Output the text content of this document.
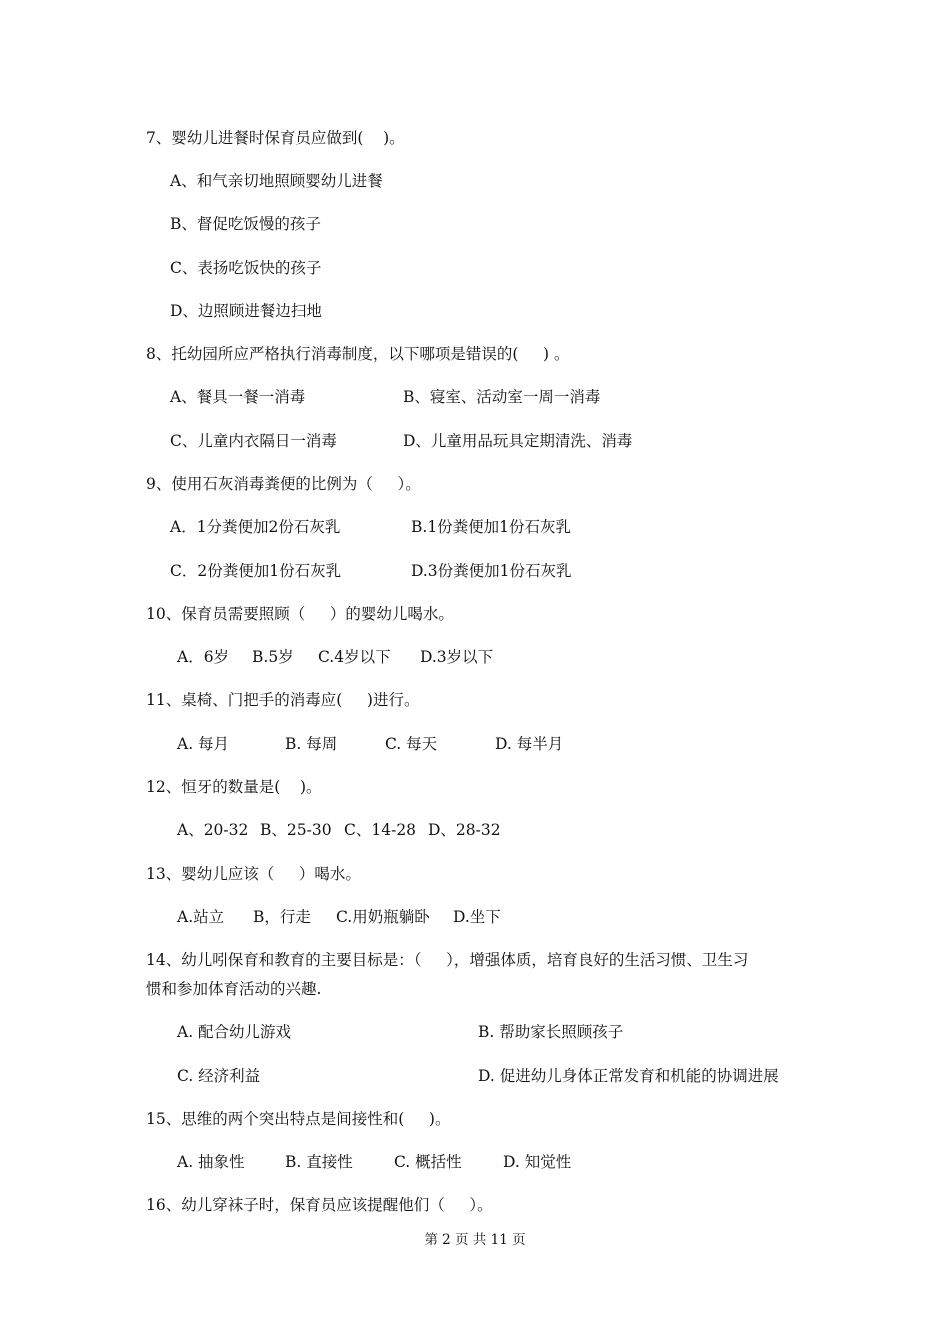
7、婴幼儿进餐时保育员应做到(    )。
A、和气亲切地照顾婴幼儿进餐
B、督促吃饭慢的孩子
C、表扬吃饭快的孩子
D、边照顾进餐边扫地
8、托幼园所应严格执行消毒制度，以下哪项是错误的(     ) 。
A、餐具一餐一消毒	B、寝室、活动室一周一消毒
C、儿童内衣隔日一消毒	D、儿童用品玩具定期清洗、消毒
9、使用石灰消毒粪便的比例为（     ）。
A．1分粪便加2份石灰乳	B.1份粪便加1份石灰乳
C．2份粪便加1份石灰乳	D.3份粪便加1份石灰乳
10、保育员需要照顾（     ）的婴幼儿喝水。
A．6岁 B.5岁 C.4岁以下 D.3岁以下
11、桌椅、门把手的消毒应(     )进行。
A. 每月	B. 每周	C. 每天	D. 每半月
12、恒牙的数量是(    )。
A、20-32 B、25-30 C、14-28 D、28-32
13、婴幼儿应该（     ）喝水。
A.站立 B，行走 C.用奶瓶躺卧 D.坐下
14、幼儿吲保育和教育的主要目标是：（     ），增强体质，培育良好的生活习惯、卫生习
惯和参加体育活动的兴趣.
A. 配合幼儿游戏	B. 帮助家长照顾孩子
C. 经济利益	D. 促进幼儿身体正常发育和机能的协调进展
15、思维的两个突出特点是间接性和(     )。
A. 抽象性	B. 直接性	C. 概括性	D. 知觉性
16、幼儿穿袜子时，保育员应该提醒他们（     ）。
第 2 页 共 11 页
